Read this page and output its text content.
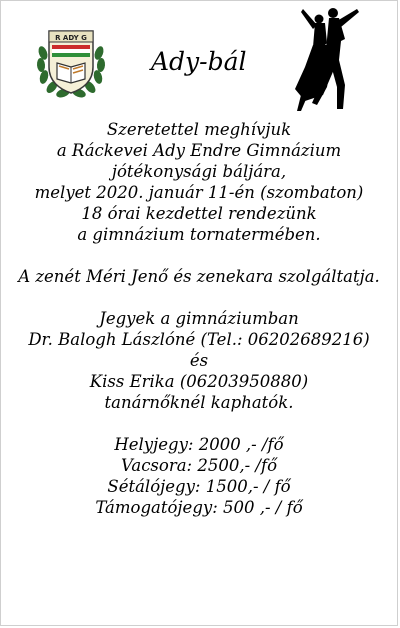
R ADY G
Ady-bál
Szeretettel meghívjuk
a Ráckevei Ady Endre Gimnázium
jótékonysági báljára,
melyet 2020. január 11-én (szombaton)
18 órai kezdettel rendezünk
a gimnázium tornatermében.
A zenét Méri Jenő és zenekara szolgáltatja.
Jegyek a gimnáziumban
Dr. Balogh Lászlóné (Tel.: 06202689216)
és
Kiss Erika (06203950880)
tanárnőknél kaphatók.
Helyjegy: 2000 ,- /fő
Vacsora: 2500,- /fő
Sétálójegy: 1500,- / fő
Támogatójegy: 500 ,- / fő
